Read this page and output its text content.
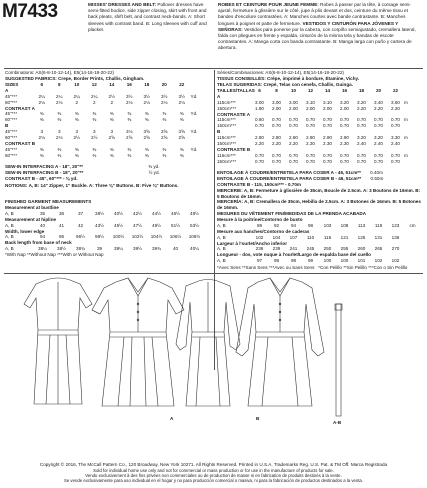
M7433	MISSES' DRESSES AND BELT: Pullover dresses have semi-fitted bodice, side zipper closing, skirt with front and back pleats, shift belt, and contrast neck-bands. A: Short sleeves with contrast band. B: Long sleeves with cuff and placket.
ROBES ET CEINTURE POUR JEUNE FEMME: Robes à passer par la tête, à corsage semi-ajusté, fermeture à glissière sur le côté, jupe à plis devant et dos, ceinture du même tissu et bandes d'encolure contrastées. A: Manches courtes avec bande contrastante. B: Manches longues à poignet et patte de fermeture. VESTIDOS Y CINTURÓN PARA JÓVENES Y SEÑORAS: Vestidos para ponerse por la cabeza, con corpiño semiajustado, cremallera lateral, falda con pliegues en frente y espalda, cinturón de la misma tela y bandas de escote contrastantes. A: Manga corta con banda contrastante. B: Manga larga con puño y cartera de abertura.
Combinations: AS(6-8-10-12-14), E5(14-16-18-20-22)
SUGGESTED FABRICS: Crepe, Border Prints, Challis, Gingham.
SIZES	6	8	10	12	14	16	18	20	22
A
45"***	2¼	2¼	2¼	2¼	2½	3½	3½	3½	3½	Yd.
60"***	2⅛	2⅛	2	2	2	2⅛	2⅛	2⅛	2⅛
CONTRAST A
45"***	⅜	⅜	⅜	⅜	⅜	⅜	⅜	⅜	⅜	Yd.
60"***	⅜	⅜	⅜	⅜	⅜	⅜	⅜	⅜	⅜
B
45"***	3	3	3	3	3	3⅛	3⅝	3⅝	3⅝	Yd.
60"***	2⅛	2⅛	2½	2½	2⅝	2⅝	2⅝	2⅝	2⅝
CONTRAST B
45"***	⅜	⅜	⅜	⅜	⅜	⅜	⅜	⅜	⅜	Yd.
60"***	⅜	⅜	⅜	⅜	⅜	⅜	⅜	⅜	⅜
SEW-IN INTERFACING A - 18", 20"**	⅜ yd.
SEW-IN INTERFACING B - 18", 20"**	½ yd.
CONTRAST B - 45", 60"*** - ⅜ yd.
NOTIONS: A, B: 14" Zipper, 1" Buckle. A: Three ⅜" Buttons. B: Five ⅜" Buttons.
FINISHED GARMENT MEASUREMENTS
Measurement at bustline
A, B	35	36	37	38½	40½	42½	44½	46½	48½
Measurement at hipline
A, B	40	41	42	43½	45½	47½	49½	51½	53½
Width, lower edge
A, B	94	95	96½	98½	100½	102½	104½	106½	108½
Back length from base of neck
A, B	38¼	38½	38¾	39	39¼	39½	39¾	40	40¼
*With Nap **Without Nap ***With or Without Nap
Séries/Combinaciones: AS(6-8-10-12-14), E5(14-16-18-20-22)
TISSUS CONSEILLÉS: Crêpe, imprimé à bordure, Étamine, Vichy.
TELAS SUGERIDAS: Crepé, Telas con cenefa, Challis, Guinga.
TAILLES/TALLAS 6	8	10	12	14	16	18	20	22
A
115cm***	3.00	3.00	3.00	3.10	3.10	3.20	3.20	3.40	3.60 m
150cm***	1.90	2.00	2.00	2.00	2.00	2.00	2.20	2.20	2.20
CONTRASTE A
115cm***	0.60	0.70	0.70	0.70	0.70	0.70	0.70	0.70	0.70 m
150cm***	0.70	0.70	0.70	0.70	0.70	0.70	0.70	0.70	0.70
B
115cm***	2.80	2.80	2.80	2.90	2.90	2.90	3.20	3.20	3.30 m
150cm***	2.20	2.20	2.20	2.30	2.30	2.30	2.40	2.40	2.40
CONTRASTE B
115cm***	0.70	0.70	0.70	0.70	0.70	0.70	0.70	0.70	0.70 m
150cm***	0.70	0.70	0.70	0.70	0.70	0.70	0.70	0.70	0.70
ENTOILAGE À COUDRE/ENTRETELA PARA COSER A - 46, 51cm** 0.40m
ENTOILAGE À COUDRE/ENTRETELA PARA COSER B - 46, 51cm** 0.50m
CONTRASTE B - 115, 150cm*** - 0.70m
MERCERIE: A, B: Fermeture à glissière de 35cm, Boucle de 2.5cm. A: 3 Boutons de 16mm. B: 5 Boutons de 16mm.
MERCERÍA: A, B: Cremallera de 35cm, Hebilla de 2.5cm. A: 3 Botones de 16mm. B: 5 Botones de 16mm.
MESURES DU VÊTEMENT FINI/MEDIDAS DE LA PRENDA ACABADA
Mesure à la poitrine/Contorno de busto
A, B	89	92	94	98	103	108	113	118	123	cm
Mesure aux hanches/Contorno de caderas
A, B	102	104	107	110	116	121	126	131	136
Largeur à l'ourlet/Ancho inferior
A, B	236	239	241	245	250	255	260	265	270
Longueur - dos, vote nuque à l'ourlet/Largo de espalda base del cuello
A, B	97	98	98	99	100	100	101	102	102
*Avec Sens **Sans Sens ***Avec ou Sans Sens   *Con Pelillo **Sin Pelillo ***Con o Sin Pelillo
A	B
A-B
Copyright © 2016, The McCall Pattern Co., 120 Broadway, New York 10271. All Rights Reserved. Printed in U.S.A. Trademarks Reg. U.S. Pat. & TM Off. Marca Registrada
Sold for individual home use only and not for commercial or mass production or for use in the manufacture of products for sale.
Vendu exclusivement à des fins privées non commerciales ou de production de masse ni en fabrication de produits destinés à la vente.
Se vende exclusivamente para uso individual en el hogar y no para producción comercial o masiva, ni para la fabricación de productos destinados a la venta.
